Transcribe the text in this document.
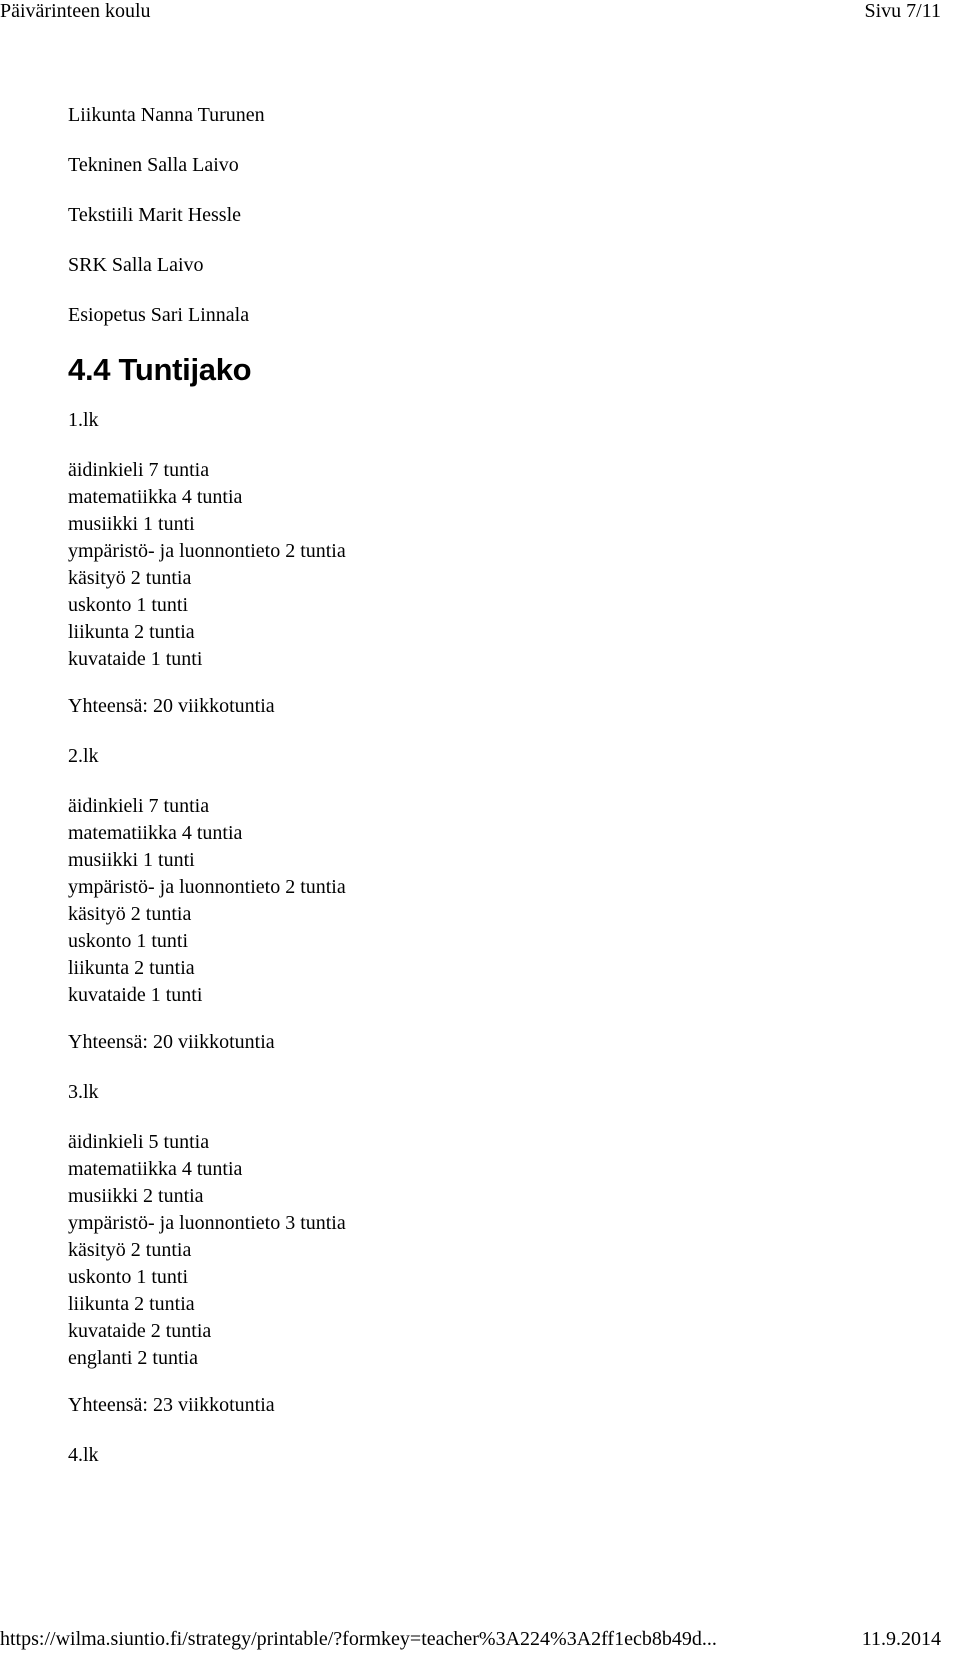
Päivärinteen koulu	Sivu 7/11

Liikunta Nanna Turunen

Tekninen Salla Laivo

Tekstiili Marit Hessle

SRK Salla Laivo

Esiopetus Sari Linnala

4.4 Tuntijako

1.lk

äidinkieli 7 tuntia
matematiikka 4 tuntia
musiikki 1 tunti
ympäristö- ja luonnontieto 2 tuntia
käsityö 2 tuntia
uskonto 1 tunti
liikunta 2 tuntia
kuvataide 1 tunti

Yhteensä: 20 viikkotuntia

2.lk

äidinkieli 7 tuntia
matematiikka 4 tuntia
musiikki 1 tunti
ympäristö- ja luonnontieto 2 tuntia
käsityö 2 tuntia
uskonto 1 tunti
liikunta 2 tuntia
kuvataide 1 tunti

Yhteensä: 20 viikkotuntia

3.lk

äidinkieli 5 tuntia
matematiikka 4 tuntia
musiikki 2 tuntia
ympäristö- ja luonnontieto 3 tuntia
käsityö 2 tuntia
uskonto 1 tunti
liikunta 2 tuntia
kuvataide 2 tuntia
englanti 2 tuntia

Yhteensä: 23 viikkotuntia

4.lk

https://wilma.siuntio.fi/strategy/printable/?formkey=teacher%3A224%3A2ff1ecb8b49d...	11.9.2014
